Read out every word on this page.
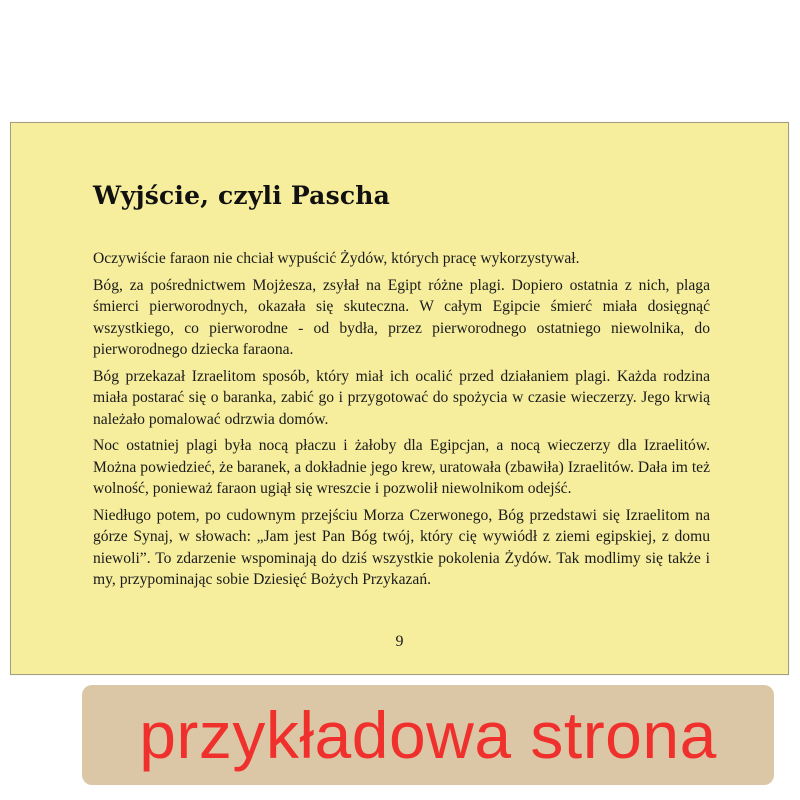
Wyjście, czyli Pascha

Oczywiście faraon nie chciał wypuścić Żydów, których pracę wykorzystywał.

Bóg, za pośrednictwem Mojżesza, zsyłał na Egipt różne plagi. Dopiero ostatnia z nich, plaga śmierci pierworodnych, okazała się skuteczna. W całym Egipcie śmierć miała dosięgnąć wszystkiego, co pierworodne - od bydła, przez pierworodnego ostatniego niewolnika, do pierworodnego dziecka faraona.

Bóg przekazał Izraelitom sposób, który miał ich ocalić przed działaniem plagi. Każda rodzina miała postarać się o baranka, zabić go i przygotować do spożycia w czasie wieczerzy. Jego krwią należało pomalować odrzwia domów.

Noc ostatniej plagi była nocą płaczu i żałoby dla Egipcjan, a nocą wieczerzy dla Izraelitów. Można powiedzieć, że baranek, a dokładnie jego krew, uratowała (zbawiła) Izraelitów. Dała im też wolność, ponieważ faraon ugiął się wreszcie i pozwolił niewolnikom odejść.

Niedługo potem, po cudownym przejściu Morza Czerwonego, Bóg przedstawi się Izraelitom na górze Synaj, w słowach: „Jam jest Pan Bóg twój, który cię wywiódł z ziemi egipskiej, z domu niewoli”. To zdarzenie wspominają do dziś wszystkie pokolenia Żydów. Tak modlimy się także i my, przypominając sobie Dziesięć Bożych Przykazań.

9
przykładowa strona
